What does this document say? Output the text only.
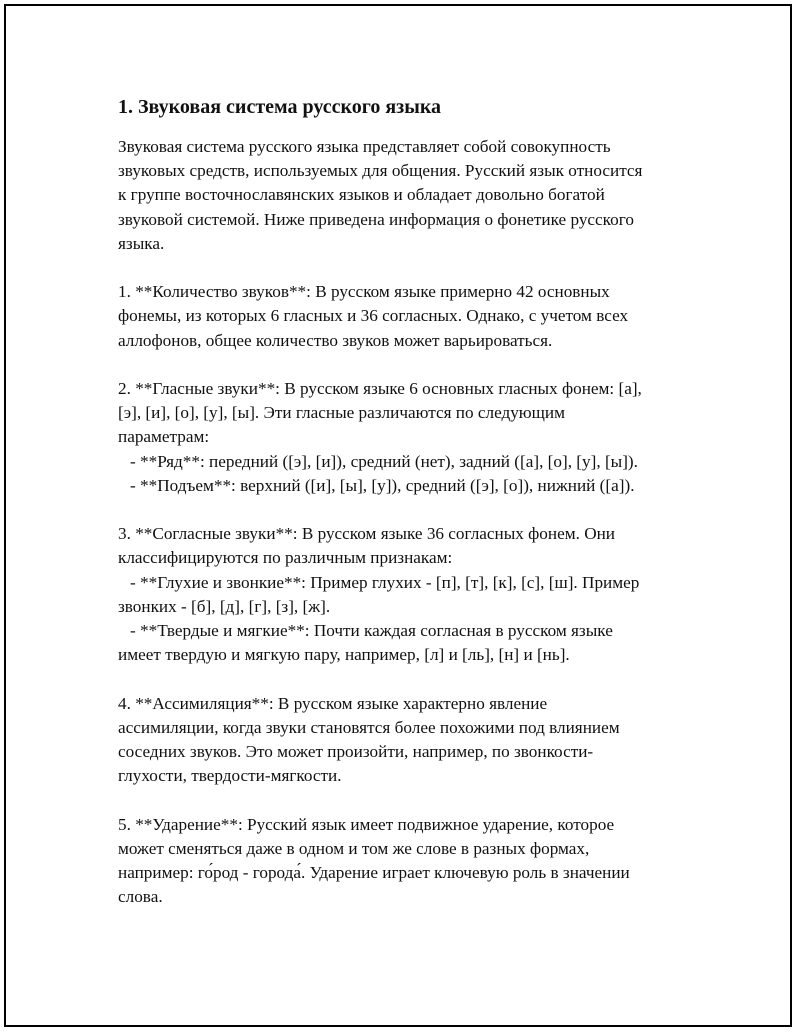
1. Звуковая система русского языка
Звуковая система русского языка представляет собой совокупность
звуковых средств, используемых для общения. Русский язык относится
к группе восточнославянских языков и обладает довольно богатой
звуковой системой. Ниже приведена информация о фонетике русского
языка.
1. **Количество звуков**: В русском языке примерно 42 основных
фонемы, из которых 6 гласных и 36 согласных. Однако, с учетом всех
аллофонов, общее количество звуков может варьироваться.
2. **Гласные звуки**: В русском языке 6 основных гласных фонем: [а],
[э], [и], [о], [у], [ы]. Эти гласные различаются по следующим
параметрам:
- **Ряд**: передний ([э], [и]), средний (нет), задний ([а], [о], [у], [ы]).
- **Подъем**: верхний ([и], [ы], [у]), средний ([э], [о]), нижний ([а]).
3. **Согласные звуки**: В русском языке 36 согласных фонем. Они
классифицируются по различным признакам:
- **Глухие и звонкие**: Пример глухих - [п], [т], [к], [с], [ш]. Пример
звонких - [б], [д], [г], [з], [ж].
- **Твердые и мягкие**: Почти каждая согласная в русском языке
имеет твердую и мягкую пару, например, [л] и [ль], [н] и [нь].
4. **Ассимиляция**: В русском языке характерно явление
ассимиляции, когда звуки становятся более похожими под влиянием
соседних звуков. Это может произойти, например, по звонкости-
глухости, твердости-мягкости.
5. **Ударение**: Русский язык имеет подвижное ударение, которое
может сменяться даже в одном и том же слове в разных формах,
например: го́род - города́. Ударение играет ключевую роль в значении
слова.
